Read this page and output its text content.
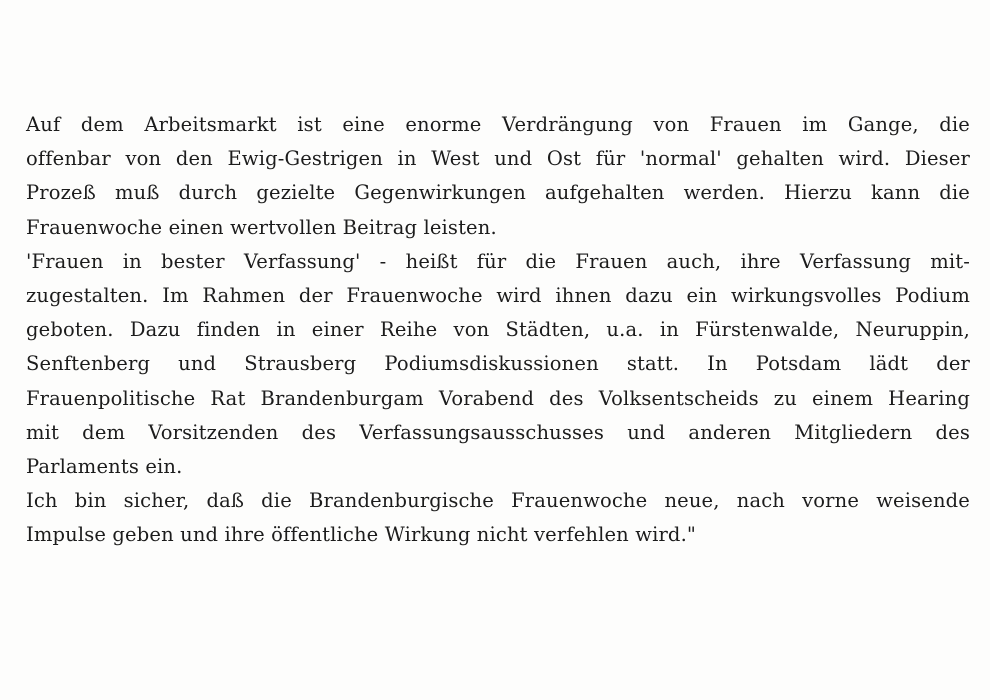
Auf dem Arbeitsmarkt ist eine enorme Verdrängung von Frauen im Gange, die
offenbar von den Ewig-Gestrigen in West und Ost für 'normal' gehalten wird. Dieser
Prozeß muß durch gezielte Gegenwirkungen aufgehalten werden. Hierzu kann die
Frauenwoche einen wertvollen Beitrag leisten.
'Frauen in bester Verfassung' - heißt für die Frauen auch, ihre Verfassung mit-
zugestalten. Im Rahmen der Frauenwoche wird ihnen dazu ein wirkungsvolles Podium
geboten. Dazu finden in einer Reihe von Städten, u.a. in Fürstenwalde, Neuruppin,
Senftenberg und Strausberg Podiumsdiskussionen statt. In Potsdam lädt der
Frauenpolitische Rat Brandenburgam Vorabend des Volksentscheids zu einem Hearing
mit dem Vorsitzenden des Verfassungsausschusses und anderen Mitgliedern des
Parlaments ein.
Ich bin sicher, daß die Brandenburgische Frauenwoche neue, nach vorne weisende
Impulse geben und ihre öffentliche Wirkung nicht verfehlen wird."
